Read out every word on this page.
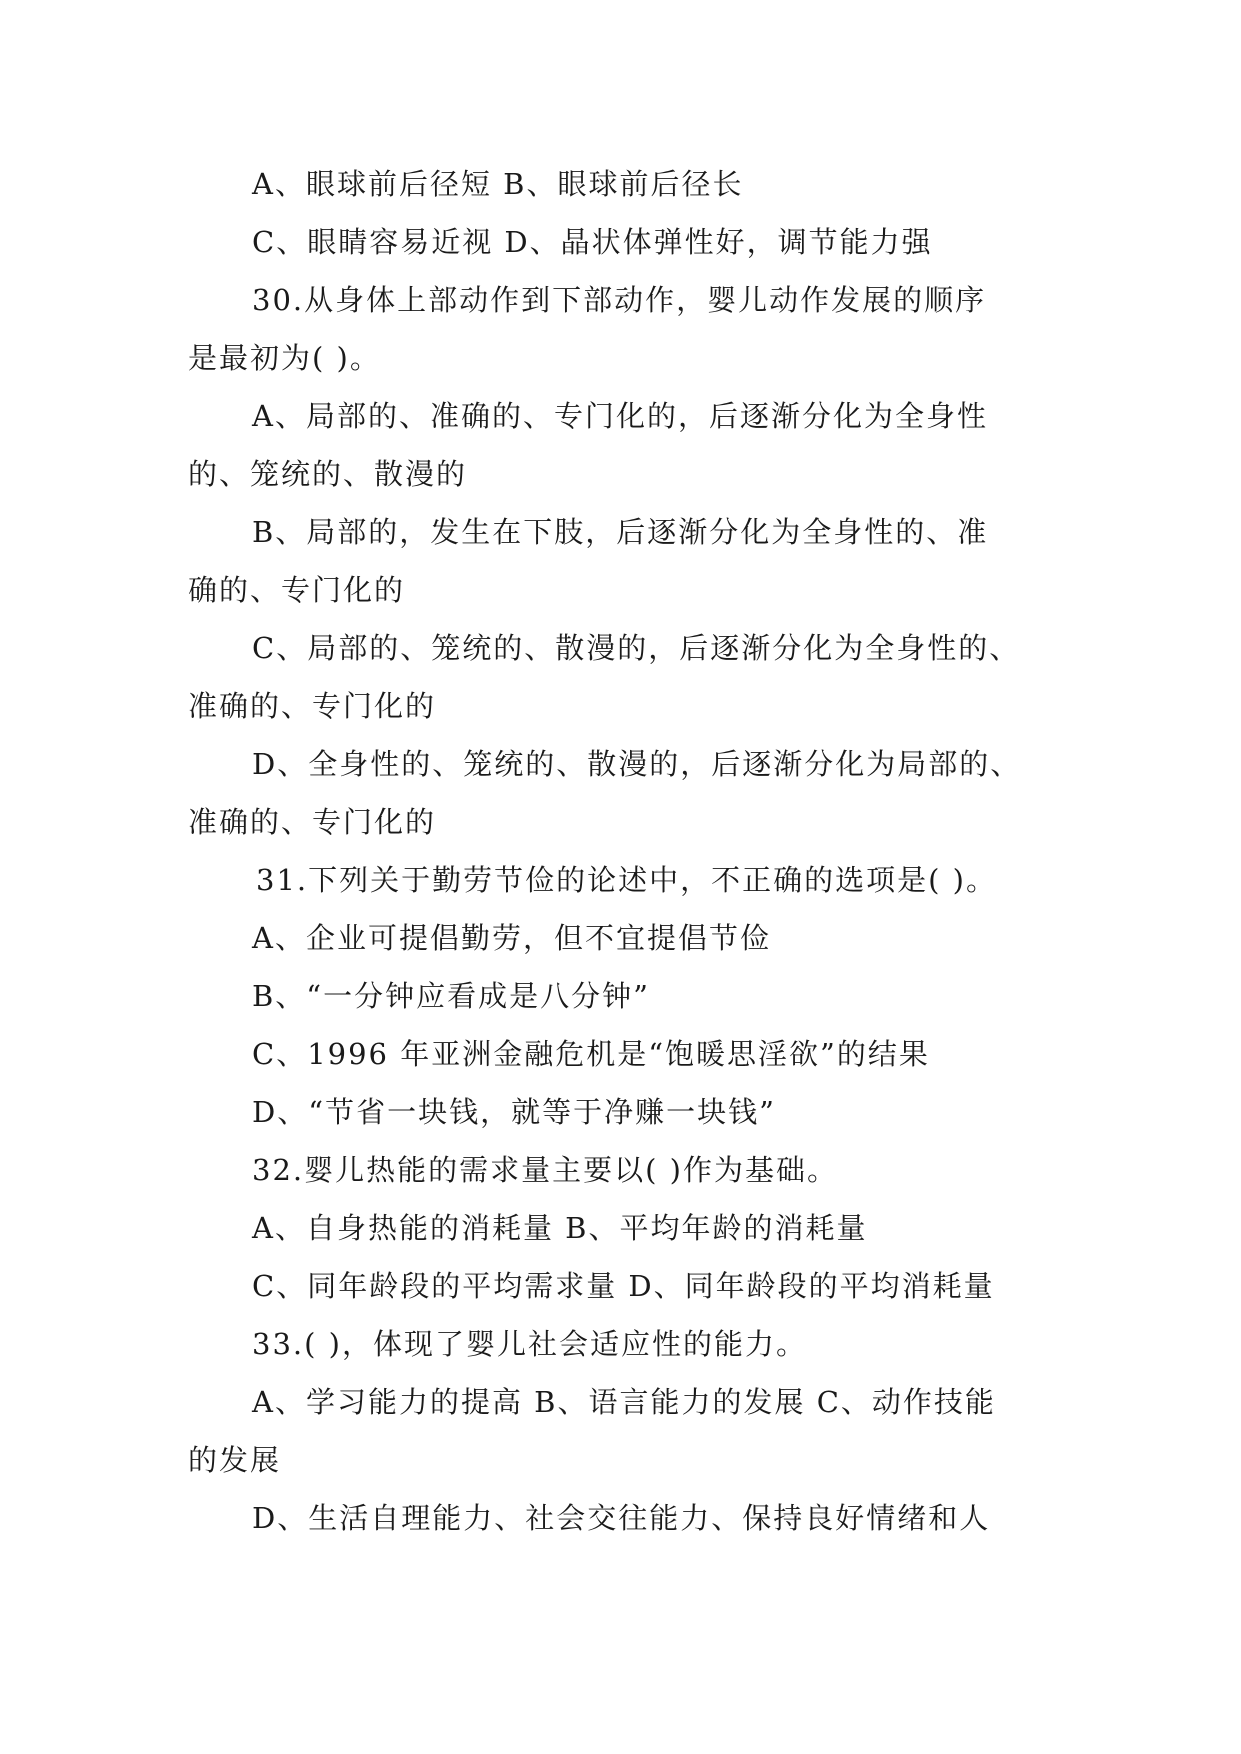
A、眼球前后径短 B、眼球前后径长
C、眼睛容易近视 D、晶状体弹性好，调节能力强
30.从身体上部动作到下部动作，婴儿动作发展的顺序
是最初为( )。
A、局部的、准确的、专门化的，后逐渐分化为全身性
的、笼统的、散漫的
B、局部的，发生在下肢，后逐渐分化为全身性的、准
确的、专门化的
C、局部的、笼统的、散漫的，后逐渐分化为全身性的、
准确的、专门化的
D、全身性的、笼统的、散漫的，后逐渐分化为局部的、
准确的、专门化的
31.下列关于勤劳节俭的论述中，不正确的选项是( )。
A、企业可提倡勤劳，但不宜提倡节俭
B、“一分钟应看成是八分钟”
C、1996 年亚洲金融危机是“饱暖思淫欲”的结果
D、“节省一块钱，就等于净赚一块钱”
32.婴儿热能的需求量主要以( )作为基础。
A、自身热能的消耗量 B、平均年龄的消耗量
C、同年龄段的平均需求量 D、同年龄段的平均消耗量
33.( )，体现了婴儿社会适应性的能力。
A、学习能力的提高 B、语言能力的发展 C、动作技能
的发展
D、生活自理能力、社会交往能力、保持良好情绪和人
